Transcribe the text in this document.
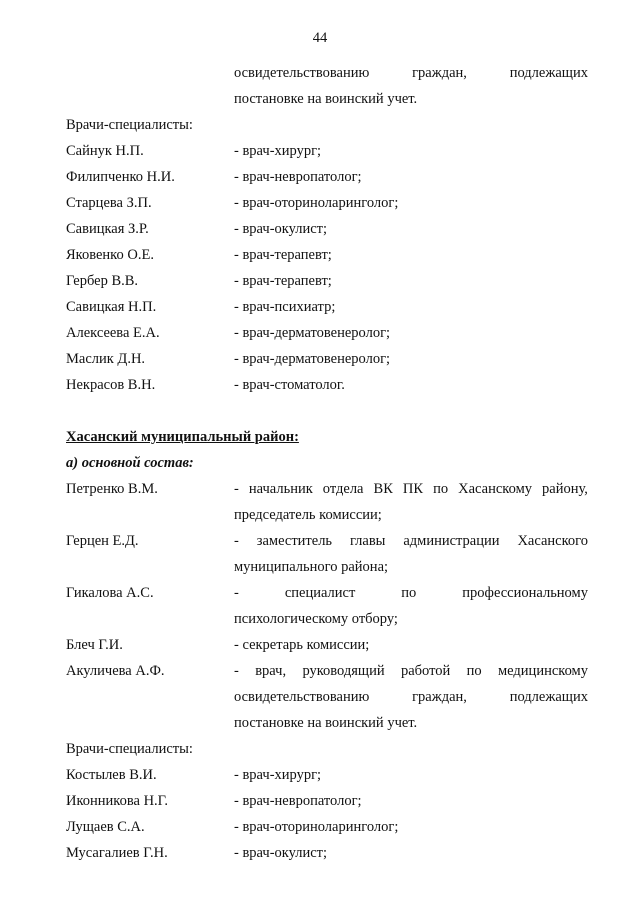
44
освидетельствованию	граждан,	подлежащих
постановке на воинский учет.
Врачи-специалисты:
Сайнук Н.П.	- врач-хирург;
Филипченко Н.И.	- врач-невропатолог;
Старцева З.П.	- врач-оториноларинголог;
Савицкая З.Р.	- врач-окулист;
Яковенко О.Е.	- врач-терапевт;
Гербер В.В.	- врач-терапевт;
Савицкая Н.П.	- врач-психиатр;
Алексеева Е.А.	- врач-дерматовенеролог;
Маслик Д.Н.	- врач-дерматовенеролог;
Некрасов В.Н.	- врач-стоматолог.
Хасанский муниципальный район:
а) основной состав:
Петренко В.М.	- начальник отдела ВК ПК по Хасанскому району,
председатель комиссии;
Герцен Е.Д.	- заместитель главы администрации Хасанского
муниципального района;
Гикалова А.С.	-	специалист	по	профессиональному
психологическому отбору;
Блеч Г.И.	- секретарь комиссии;
Акуличева А.Ф.	- врач, руководящий работой по медицинскому
освидетельствованию	граждан,	подлежащих
постановке на воинский учет.
Врачи-специалисты:
Костылев В.И.	- врач-хирург;
Иконникова Н.Г.	- врач-невропатолог;
Лущаев С.А.	- врач-оториноларинголог;
Мусагалиев Г.Н.	- врач-окулист;
